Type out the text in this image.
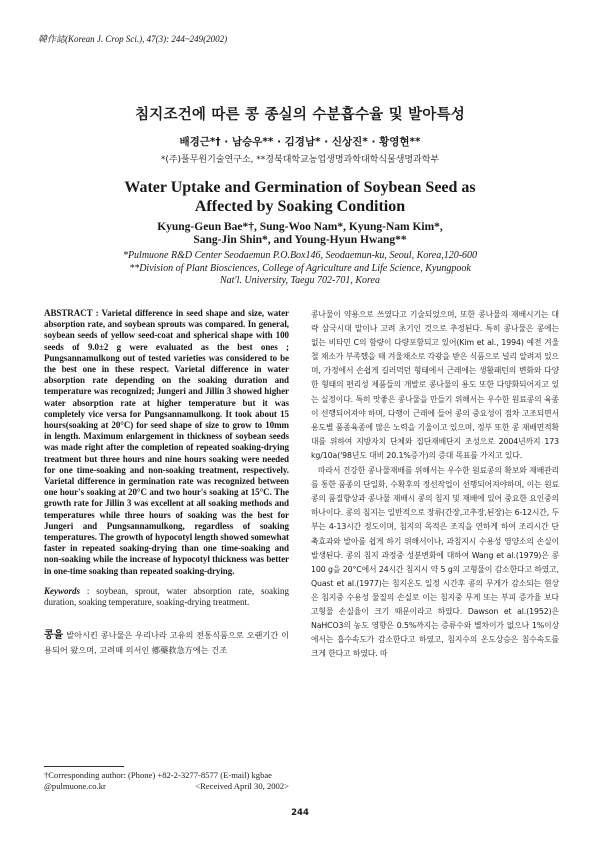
韓作誌(Korean J. Crop Sci.), 47(3): 244~249(2002)
침지조건에 따른 콩 종실의 수분흡수율 및 발아특성
배경근*† · 남승우** · 김경남* · 신상진* · 황영현**
*(주)풀무원기술연구소, **경북대학교농업생명과학대학식물생명과학부
Water Uptake and Germination of Soybean Seed as
Affected by Soaking Condition
Kyung-Geun Bae*†, Sung-Woo Nam*, Kyung-Nam Kim*,
Sang-Jin Shin*, and Young-Hyun Hwang**
*Pulmuone R&D Center Seodaemun P.O.Box146, Seodaemun-ku, Seoul, Korea,120-600
**Division of Plant Biosciences, College of Agriculture and Life Science, Kyungpook
Nat'l. University, Taegu 702-701, Korea
ABSTRACT : Varietal difference in seed shape and size, water absorption rate, and soybean sprouts was compared. In general, soybean seeds of yellow seed-coat and spherical shape with 100 seeds of 9.0±2 g were evaluated as the best ones ; Pungsannamulkong out of tested varieties was considered to be the best one in these respect. Varietal difference in water absorption rate depending on the soaking duration and temperature was recognized; Jungeri and Jillin 3 showed higher water absorption rate at higher temperature but it was completely vice versa for Pungsannamulkong. It took about 15 hours(soaking at 20°C) for seed shape of size to grow to 10mm in length. Maximum enlargement in thickness of soybean seeds was made right after the completion of repeated soaking-drying treatment but three hours and nine hours soaking were needed for one time-soaking and non-soaking treatment, respectively. Varietal difference in germination rate was recognized between one hour's soaking at 20°C and two hour's soaking at 15°C. The growth rate for Jillin 3 was excellent at all soaking methods and temperatures while three hours of soaking was the best for Jungeri and Pungsannamulkong, regardless of soaking temperatures. The growth of hypocotyl length showed somewhat faster in repeated soaking-drying than one time-soaking and non-soaking while the increase of hypocotyl thickness was better in one-time soaking than repeated soaking-drying.
Keywords : soybean, sprout, water absorption rate, soaking duration, soaking temperature, soaking-drying treatment.
콩을 발아시킨 콩나물은 우리나라 고유의 전통식품으로 오랜기간 이용되어 왔으며, 고려때 의서인 鄕藥救急方에는 건조
†Corresponding author: (Phone) +82-2-3277-8577 (E-mail) kgbae
@pulmuone.co.kr	<Received April 30, 2002>

콩나물이 약용으로 쓰였다고 기술되었으며, 또한 콩나물의 재배시기는 대략 삼국시대 말이나 고려 초기인 것으로 추정된다. 특히 콩나물은 콩에는 없는 비타민 C의 함량이 다량포함되고 있어(Kim et al., 1994) 예전 겨울철 채소가 부족했을 때 겨울채소로 각광을 받은 식품으로 널리 알려져 있으며, 가정에서 손쉽게 길러먹던 형태에서 근래에는 생활패턴의 변화와 다양한 형태의 편리성 제품들의 개발로 콩나물의 용도 또한 다양화되어지고 있는 실정이다. 특히 맛좋은 콩나물을 만들기 위해서는 우수한 원료콩의 육종이 선행되어져야 하며, 다행이 근래에 들어 콩의 중요성이 점차 고조되면서 용도별 품종육종에 많은 노력을 기울이고 있으며, 정부 또한 콩 재배면적확대를 위하여 지방자치 단체와 집단재배단지 조성으로 2004년까지 173 kg/10a('98년도 대비 20.1%증가)의 증대 목표를 가지고 있다.

따라서 건강한 콩나물재배를 위해서는 우수한 원료콩의 확보와 재배관리를 통한 품종의 단일화, 수확후의 정선작업이 선행되어져야하며, 이는 원료콩의 품질향상과 콩나물 재배시 콩의 침지 및 재배에 있어 중요한 요인중의 하나이다. 콩의 침지는 일반적으로 장류(간장,고추장,된장)는 6-12시간, 두부는 4-13시간 정도이며, 침지의 목적은 조직을 연하게 하여 조리시간 단축효과와 발아를 쉽게 하기 위해서이나, 과침지시 수용성 영양소의 손실이 발생된다. 콩의 침지 과정중 성분변화에 대하여 Wang et al.(1979)은 콩 100 g을 20°C에서 24시간 침지시 약 5 g의 고형물이 감소한다고 하였고, Quast et al.(1977)는 침지온도 일정 시간후 콩의 무게가 감소되는 현상은 침지중 수용성 물질의 손실로 이는 침지중 무게 또는 부피 증가율 보다 고형물 손실율이 크기 때문이라고 하였다. Dawson et al.(1952)은 NaHCO3의 농도 영향은 0.5%까지는 증류수와 별차이가 없으나 1%이상에서는 흡수속도가 감소한다고 하였고, 침지수의 온도상승은 침수속도를 크게 한다고 하였다. 따

244
